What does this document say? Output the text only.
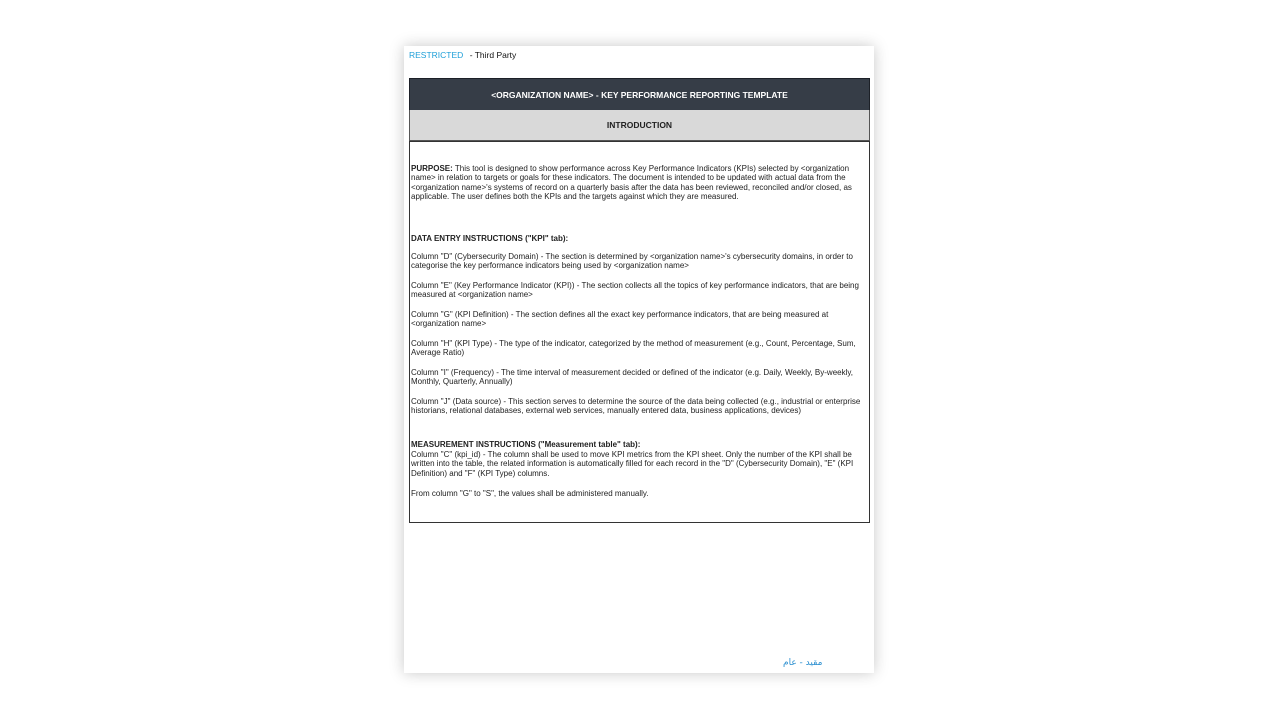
RESTRICTED - Third Party
<ORGANIZATION NAME> - KEY PERFORMANCE REPORTING TEMPLATE
INTRODUCTION
PURPOSE: This tool is designed to show performance across Key Performance Indicators (KPIs) selected by <organization name> in relation to targets or goals for these indicators. The document is intended to be updated with actual data from the <organization name>'s systems of record on a quarterly basis after the data has been reviewed, reconciled and/or closed, as applicable. The user defines both the KPIs and the targets against which they are measured.
DATA ENTRY INSTRUCTIONS ("KPI" tab):
Column "D" (Cybersecurity Domain) - The section is determined by <organization name>'s cybersecurity domains, in order to categorise the key performance indicators being used by <organization name>
Column "E" (Key Performance Indicator (KPI)) - The section collects all the topics of key performance indicators, that are being measured at <organization name>
Column "G" (KPI Definition) - The section defines all the exact key performance indicators, that are being measured at <organization name>
Column "H" (KPI Type) - The type of the indicator, categorized by the method of measurement (e.g., Count, Percentage, Sum, Average Ratio)
Column "I" (Frequency) - The time interval of measurement decided or defined of the indicator (e.g. Daily, Weekly, By-weekly, Monthly, Quarterly, Annually)
Column "J" (Data source) - This section serves to determine the source of the data being collected (e.g., industrial or enterprise historians, relational databases, external web services, manually entered data, business applications, devices)
MEASUREMENT INSTRUCTIONS ("Measurement table" tab):
Column "C" (kpi_id) - The column shall be used to move KPI metrics from the KPI sheet. Only the number of the KPI shall be written into the table, the related information is automatically filled for each record in the "D" (Cybersecurity Domain), "E" (KPI Definition) and "F" (KPI Type) columns.
From column "G" to "S", the values shall be administered manually.
مقيد - عام
